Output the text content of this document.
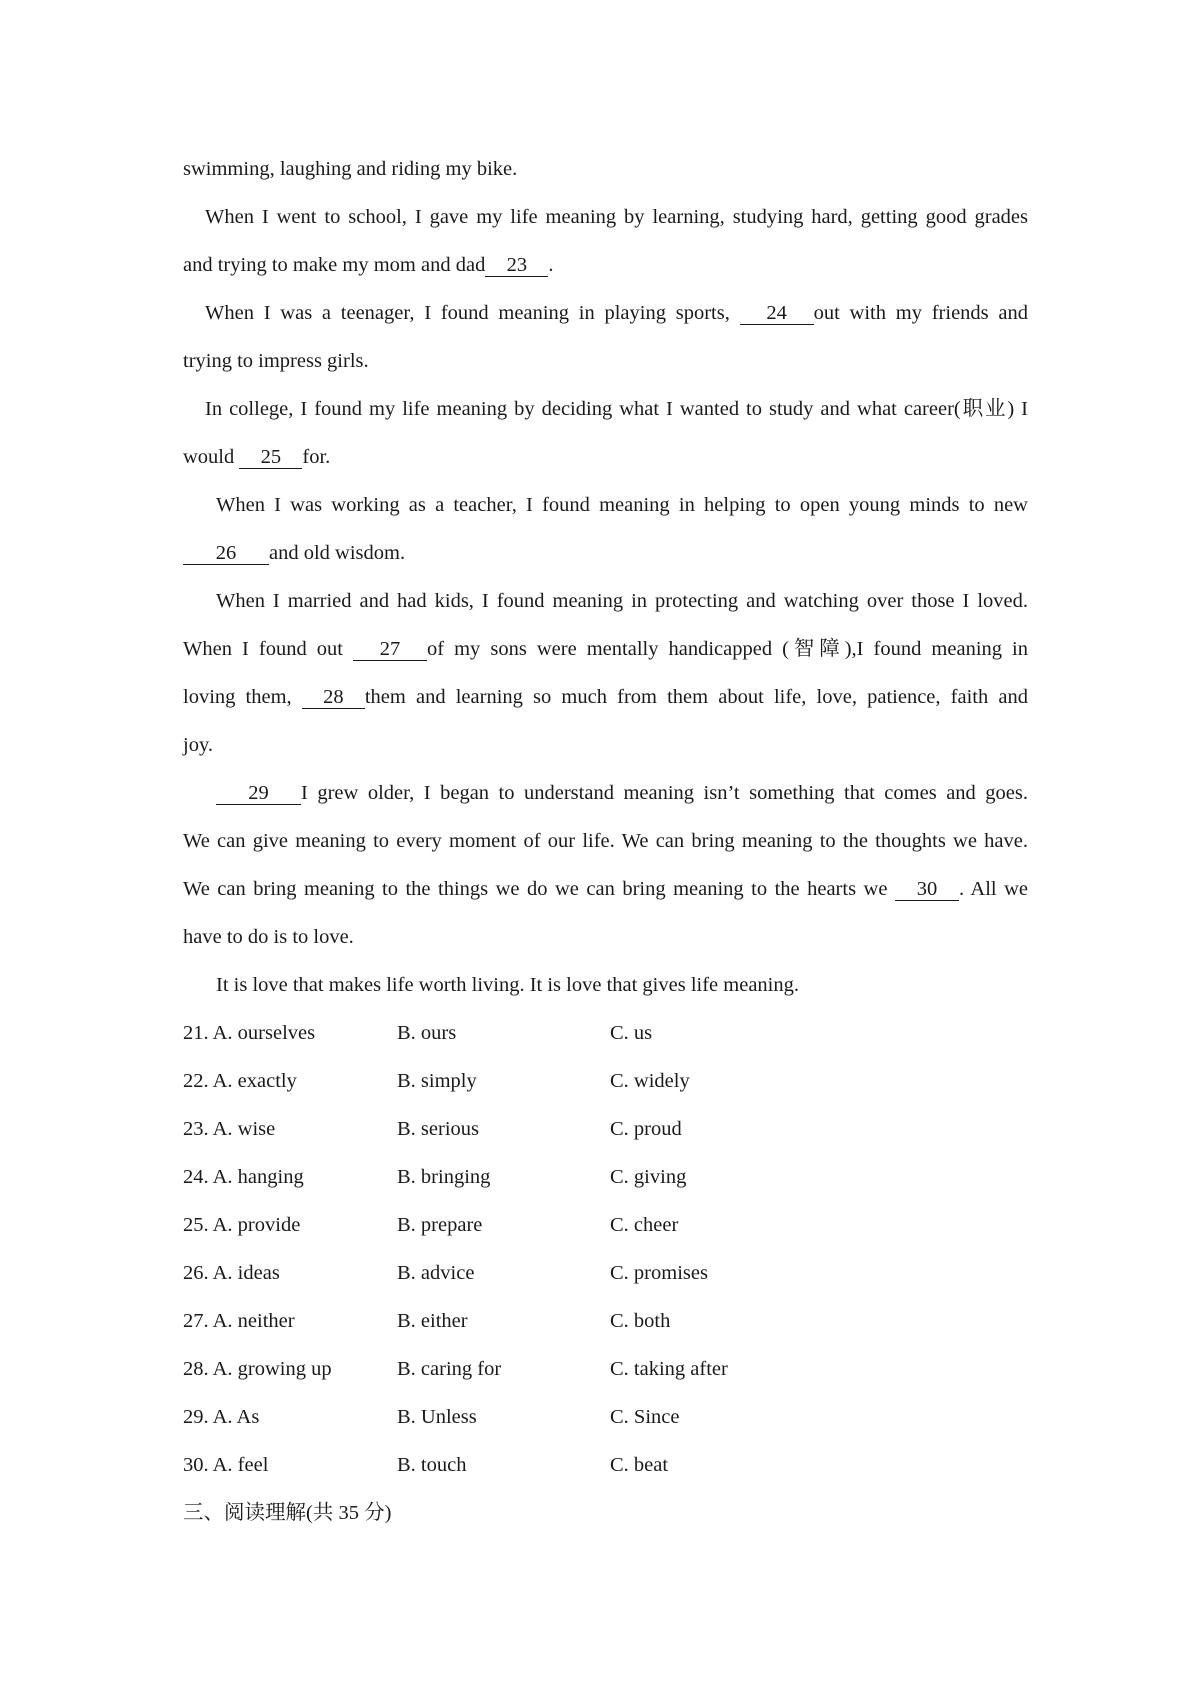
swimming, laughing and riding my bike.
When I went to school, I gave my life meaning by learning, studying hard, getting good grades
and trying to make my mom and dad 23 .
When I was a teenager, I found meaning in playing sports, 24 out with my friends and
trying to impress girls.
In college, I found my life meaning by deciding what I wanted to study and what career(职业) I
would 25 for.
When I was working as a teacher, I found meaning in helping to open young minds to new
26 and old wisdom.
When I married and had kids, I found meaning in protecting and watching over those I loved.
When I found out 27 of my sons were mentally handicapped (智障),I found meaning in
loving them, 28 them and learning so much from them about life, love, patience, faith and
joy.
29 I grew older, I began to understand meaning isn’t something that comes and goes.
We can give meaning to every moment of our life. We can bring meaning to the thoughts we have.
We can bring meaning to the things we do we can bring meaning to the hearts we 30 . All we
have to do is to love.
It is love that makes life worth living. It is love that gives life meaning.
21. A. ourselves	B. ours	C. us
22. A. exactly	B. simply	C. widely
23. A. wise	B. serious	C. proud
24. A. hanging	B. bringing	C. giving
25. A. provide	B. prepare	C. cheer
26. A. ideas	B. advice	C. promises
27. A. neither	B. either	C. both
28. A. growing up	B. caring for	C. taking after
29. A. As	B. Unless	C. Since
30. A. feel	B. touch	C. beat
三、阅读理解(共 35 分)
